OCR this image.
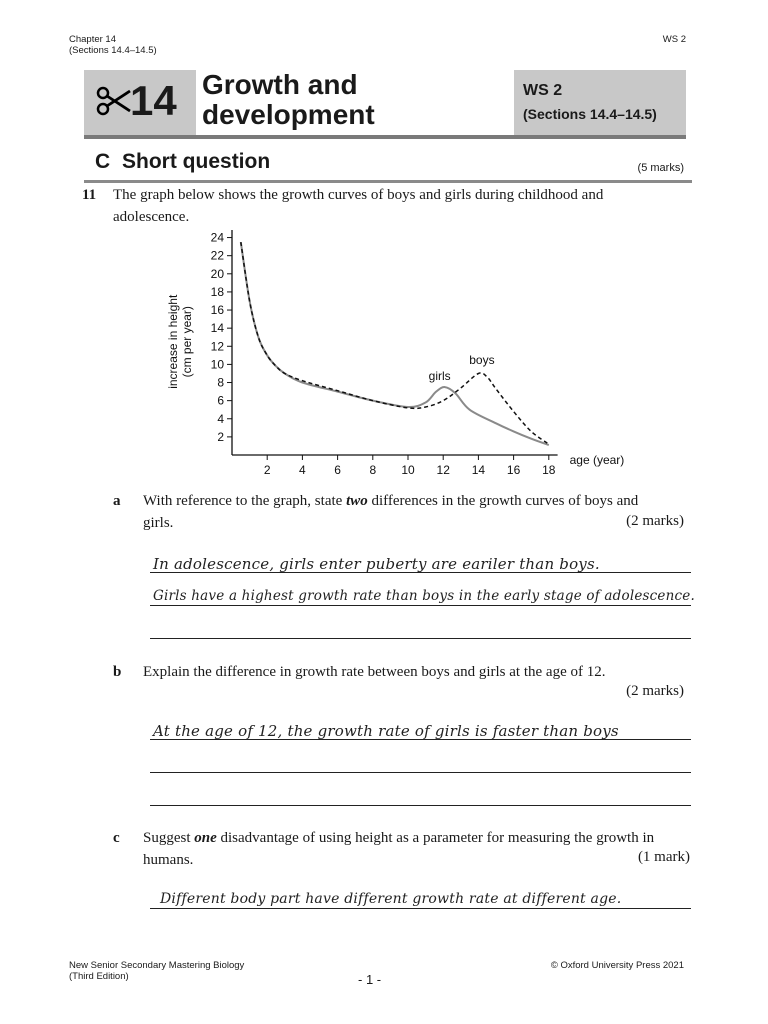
Chapter 14
(Sections 14.4–14.5)
WS 2
14 Growth and
development
WS 2
(Sections 14.4–14.5)
C Short question	(5 marks)
11 The graph below shows the growth curves of boys and girls during childhood and
adolescence.
2 4 6 8 10 12 14 16 18
2
4
6
8
10
12
14
16
18
20
22
24
age (year)
increase in height (cm per year)	boys
girls
a With reference to the graph, state two differences in the growth curves of boys and
girls.	(2 marks)
In adolescence, girls enter puberty are eariler than boys.
Girls have a highest growth rate than boys in the early stage of adolescence.
b Explain the difference in growth rate between boys and girls at the age of 12.
(2 marks)
At the age of 12, the growth rate of girls is faster than boys
c Suggest one disadvantage of using height as a parameter for measuring the growth in
humans.	(1 mark)
Different body part have different growth rate at different age.
New Senior Secondary Mastering Biology
(Third Edition)	- 1 -
© Oxford University Press 2021
